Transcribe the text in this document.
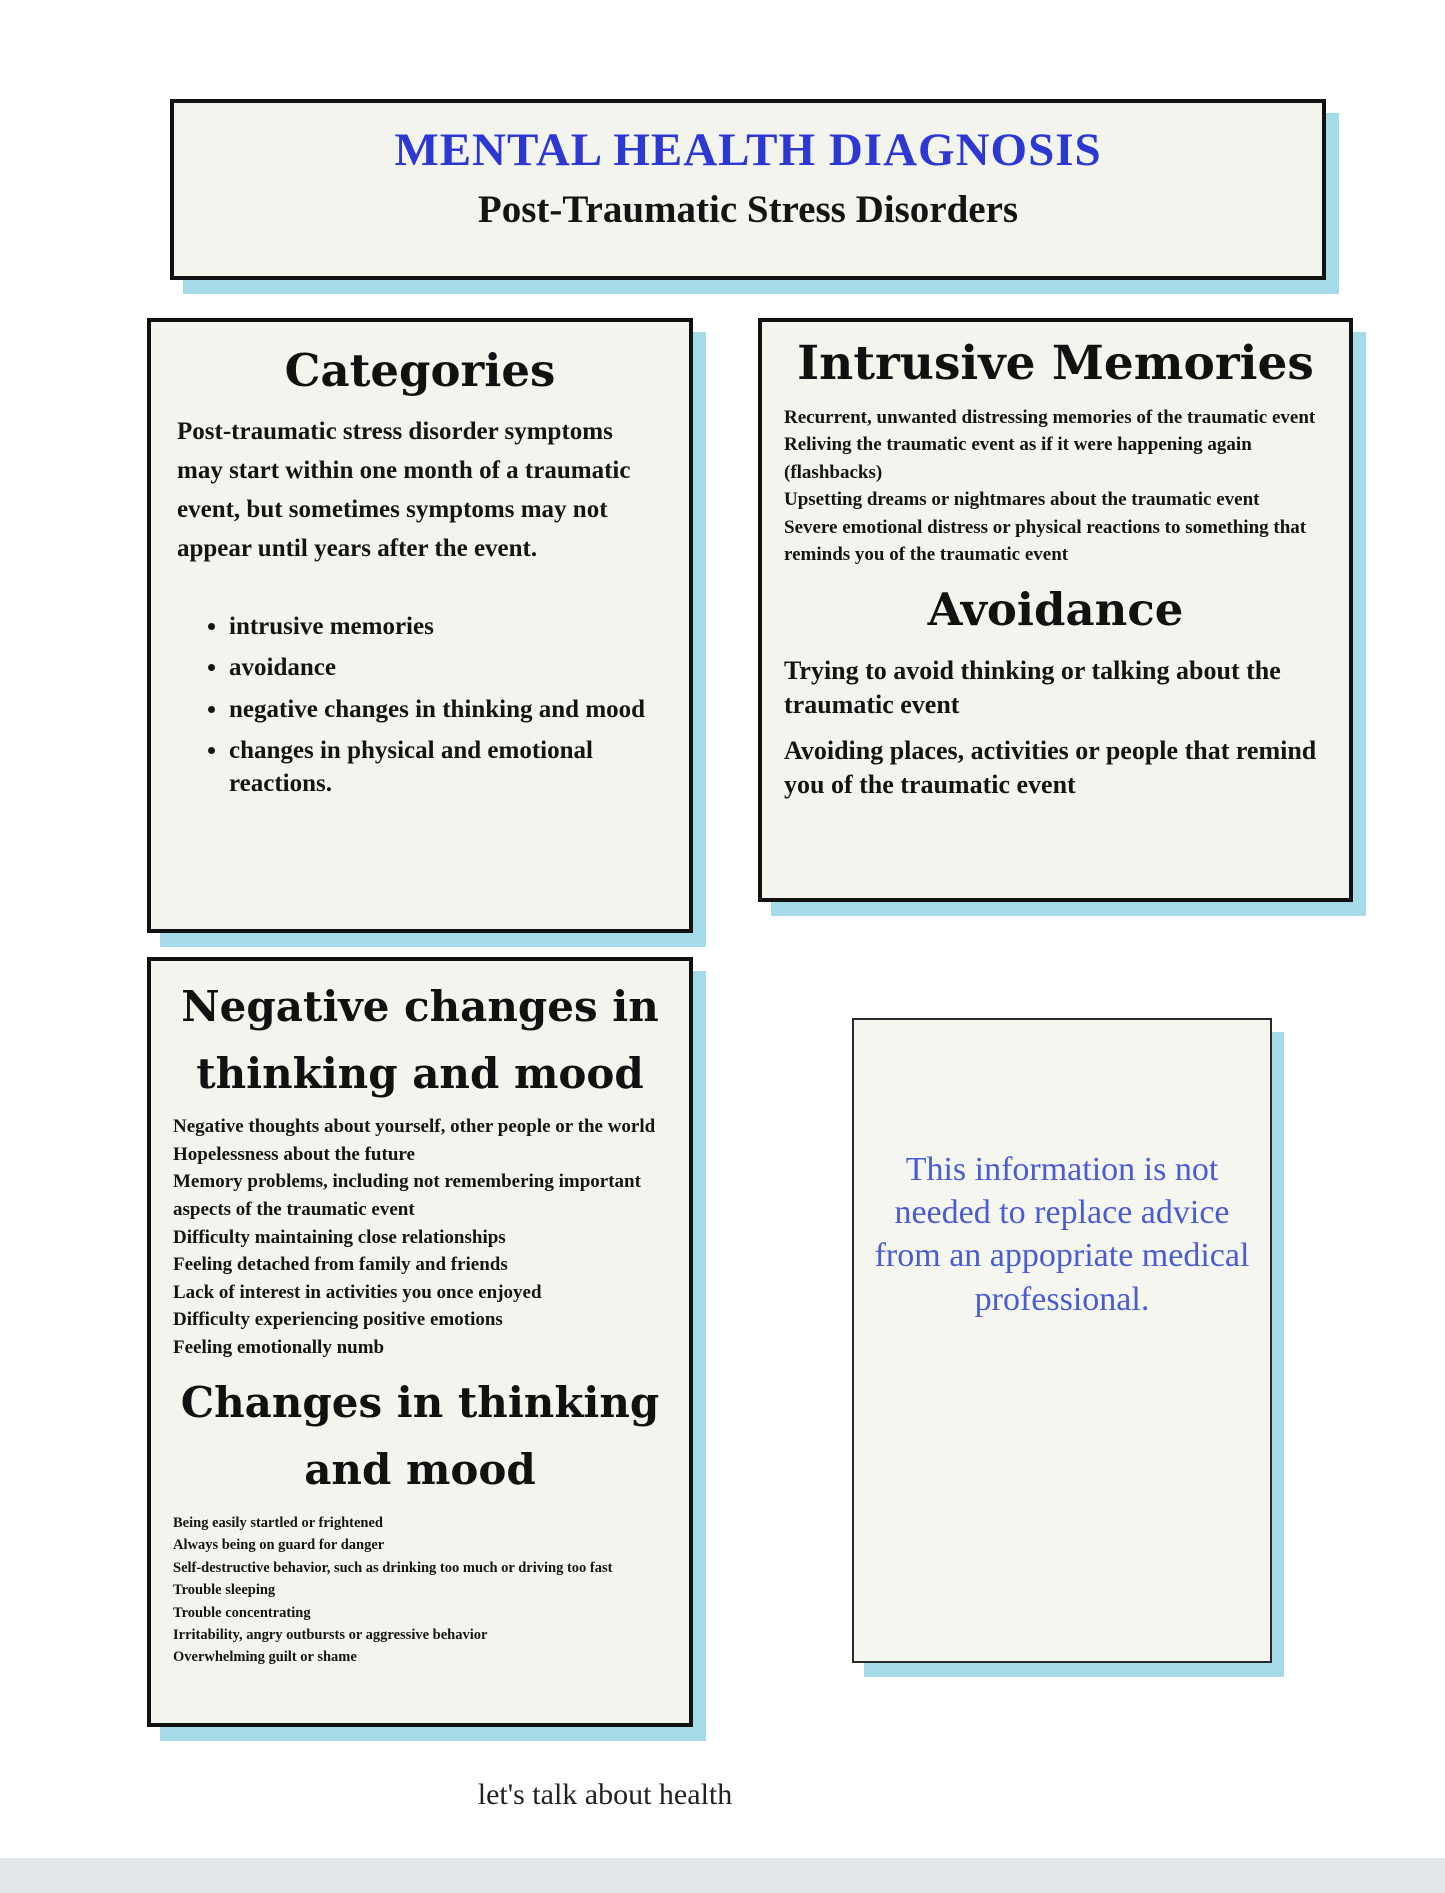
MENTAL HEALTH DIAGNOSIS
Post-Traumatic Stress Disorders
Categories
Post-traumatic stress disorder symptoms may start within one month of a traumatic event, but sometimes symptoms may not appear until years after the event.
• intrusive memories
• avoidance
• negative changes in thinking and mood
• changes in physical and emotional reactions.
Intrusive Memories
Recurrent, unwanted distressing memories of the traumatic event
Reliving the traumatic event as if it were happening again (flashbacks)
Upsetting dreams or nightmares about the traumatic event
Severe emotional distress or physical reactions to something that reminds you of the traumatic event
Avoidance
Trying to avoid thinking or talking about the traumatic event
Avoiding places, activities or people that remind you of the traumatic event
Negative changes in thinking and mood
Negative thoughts about yourself, other people or the world
Hopelessness about the future
Memory problems, including not remembering important aspects of the traumatic event
Difficulty maintaining close relationships
Feeling detached from family and friends
Lack of interest in activities you once enjoyed
Difficulty experiencing positive emotions
Feeling emotionally numb
Changes in thinking and mood
Being easily startled or frightened
Always being on guard for danger
Self-destructive behavior, such as drinking too much or driving too fast
Trouble sleeping
Trouble concentrating
Irritability, angry outbursts or aggressive behavior
Overwhelming guilt or shame
This information is not needed to replace advice from an appopriate medical professional.
let's talk about health
